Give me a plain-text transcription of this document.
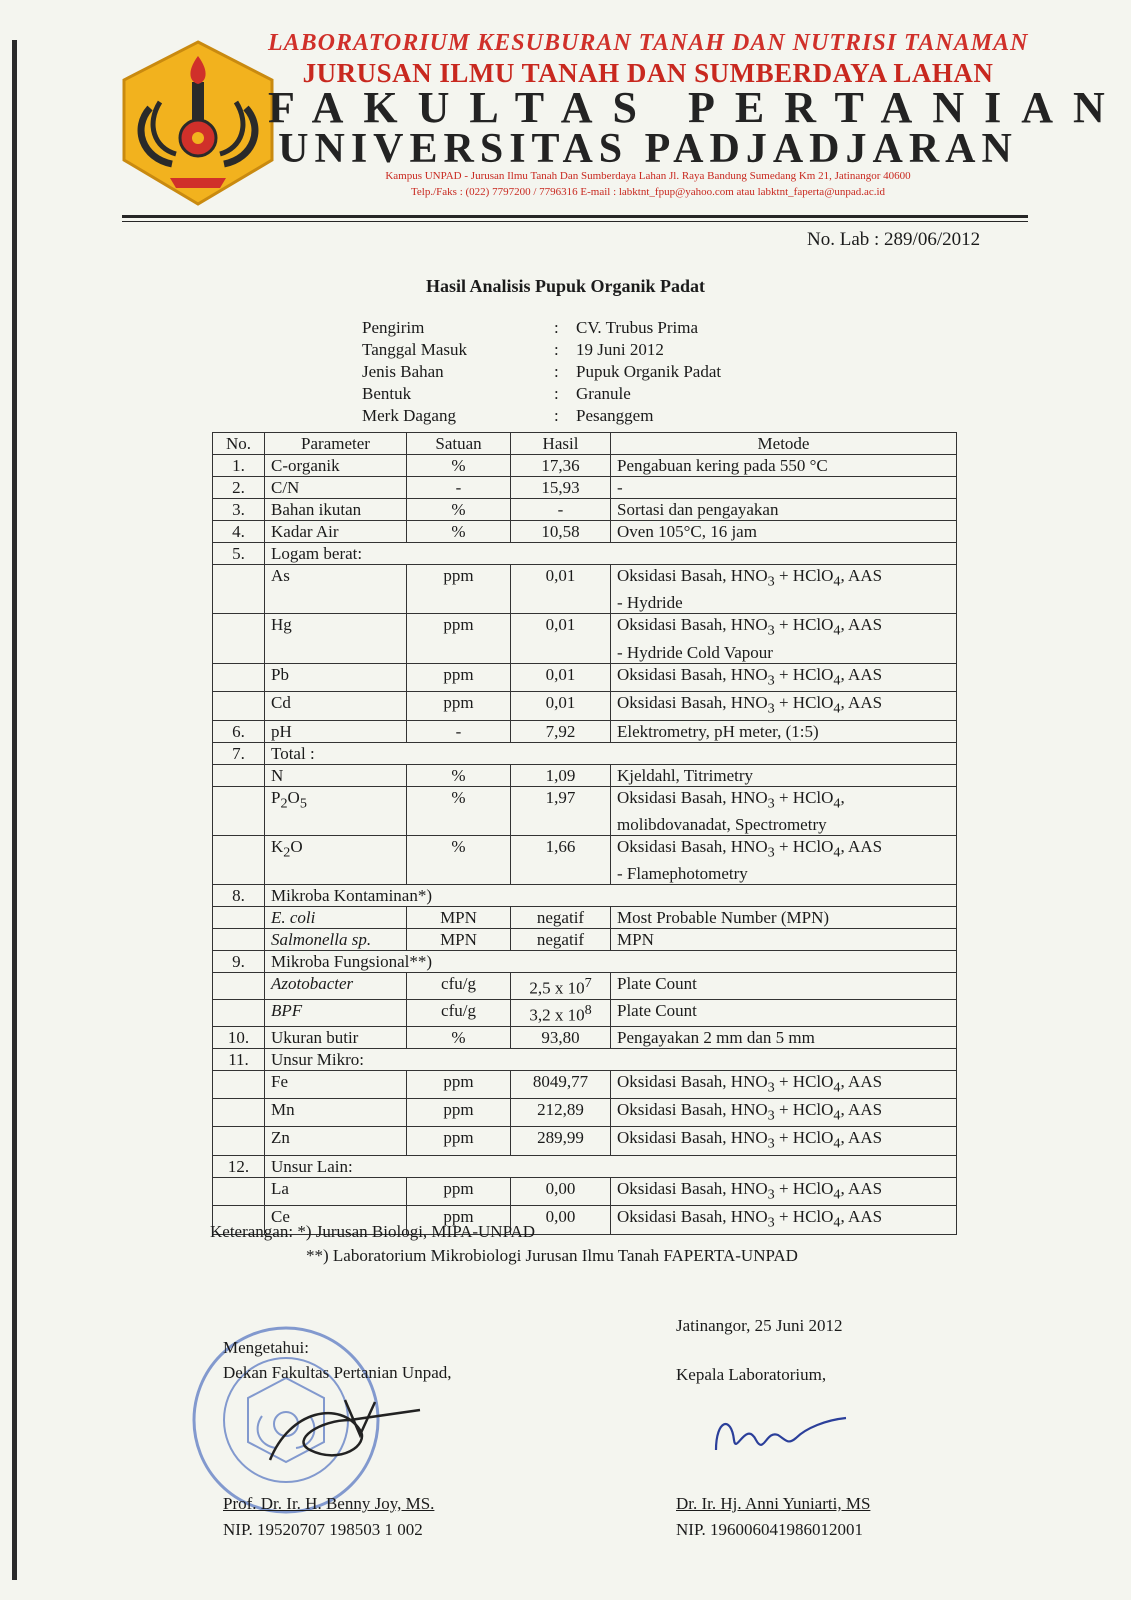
LABORATORIUM KESUBURAN TANAH DAN NUTRISI TANAMAN
JURUSAN ILMU TANAH DAN SUMBERDAYA LAHAN
FAKULTAS PERTANIAN
UNIVERSITAS PADJADJARAN
Kampus UNPAD - Jurusan Ilmu Tanah Dan Sumberdaya Lahan Jl. Raya Bandung Sumedang Km 21, Jatinangor 40600
Telp./Faks : (022) 7797200 / 7796316 E-mail : labktnt_fpup@yahoo.com atau labktnt_faperta@unpad.ac.id
No. Lab : 289/06/2012
Hasil Analisis Pupuk Organik Padat
Pengirim	: CV. Trubus Prima
Tanggal Masuk	: 19 Juni 2012
Jenis Bahan	: Pupuk Organik Padat
Bentuk	: Granule
Merk Dagang	: Pesanggem
No.	Parameter	Satuan	Hasil	Metode
1.	C-organik	%	17,36	Pengabuan kering pada 550 °C
2.	C/N	-	15,93	-
3.	Bahan ikutan	%	-	Sortasi dan pengayakan
4.	Kadar Air	%	10,58	Oven 105°C, 16 jam
5.	Logam berat:			
	As	ppm	0,01	Oksidasi Basah, $HNO_3$ + HClO$_4$, AAS
- Hydride
	Hg	ppm	0,01	Oksidasi Basah, $HNO_3$ + HClO$_4$, AAS
- Hydride Cold Vapour
	Pb	ppm	0,01	Oksidasi Basah, $HNO_3$ + HClO$_4$, AAS
	Cd	ppm	0,01	Oksidasi Basah, $HNO_3$ + HClO$_4$, AAS
6.	pH	-	7,92	Elektrometry, pH meter, (1:5)
7.	Total :			
	N	%	1,09	Kjeldahl, Titrimetry
	$P_2O_5$	%	1,97	Oksidasi Basah, $HNO_3$ + HClO$_4$,
molibdovanadat, Spectrometry
	$K_2O$	%	1,66	Oksidasi Basah, $HNO_3$ + HClO$_4$, AAS
- Flamephotometry
8.	Mikroba Kontaminan*)			
	E. coli	MPN	negatif	Most Probable Number (MPN)
	Salmonella sp.	MPN	negatif	MPN
9.	Mikroba Fungsional**)			
	Azotobacter	cfu/g	2,5 x $10^7$	Plate Count
	BPF	cfu/g	3,2 x $10^8$	Plate Count
10.	Ukuran butir	%	93,80	Pengayakan 2 mm dan 5 mm
11.	Unsur Mikro:			
	Fe	ppm	8049,77	Oksidasi Basah, $HNO_3$ + HClO$_4$, AAS
	Mn	ppm	212,89	Oksidasi Basah, $HNO_3$ + HClO$_4$, AAS
	Zn	ppm	289,99	Oksidasi Basah, $HNO_3$ + HClO$_4$, AAS
12.	Unsur Lain:			
	La	ppm	0,00	Oksidasi Basah, $HNO_3$ + HClO$_4$, AAS
	Ce	ppm	0,00	Oksidasi Basah, $HNO_3$ + HClO$_4$, AAS
Keterangan: *) Jurusan Biologi, MIPA-UNPAD
**) Laboratorium Mikrobiologi Jurusan Ilmu Tanah FAPERTA-UNPAD
Mengetahui:
Dekan Fakultas Pertanian Unpad,
Prof. Dr. Ir. H. Benny Joy, MS.
NIP. 19520707 198503 1 002
Jatinangor, 25 Juni 2012
Kepala Laboratorium,
Dr. Ir. Hj. Anni Yuniarti, MS
NIP. 196006041986012001
